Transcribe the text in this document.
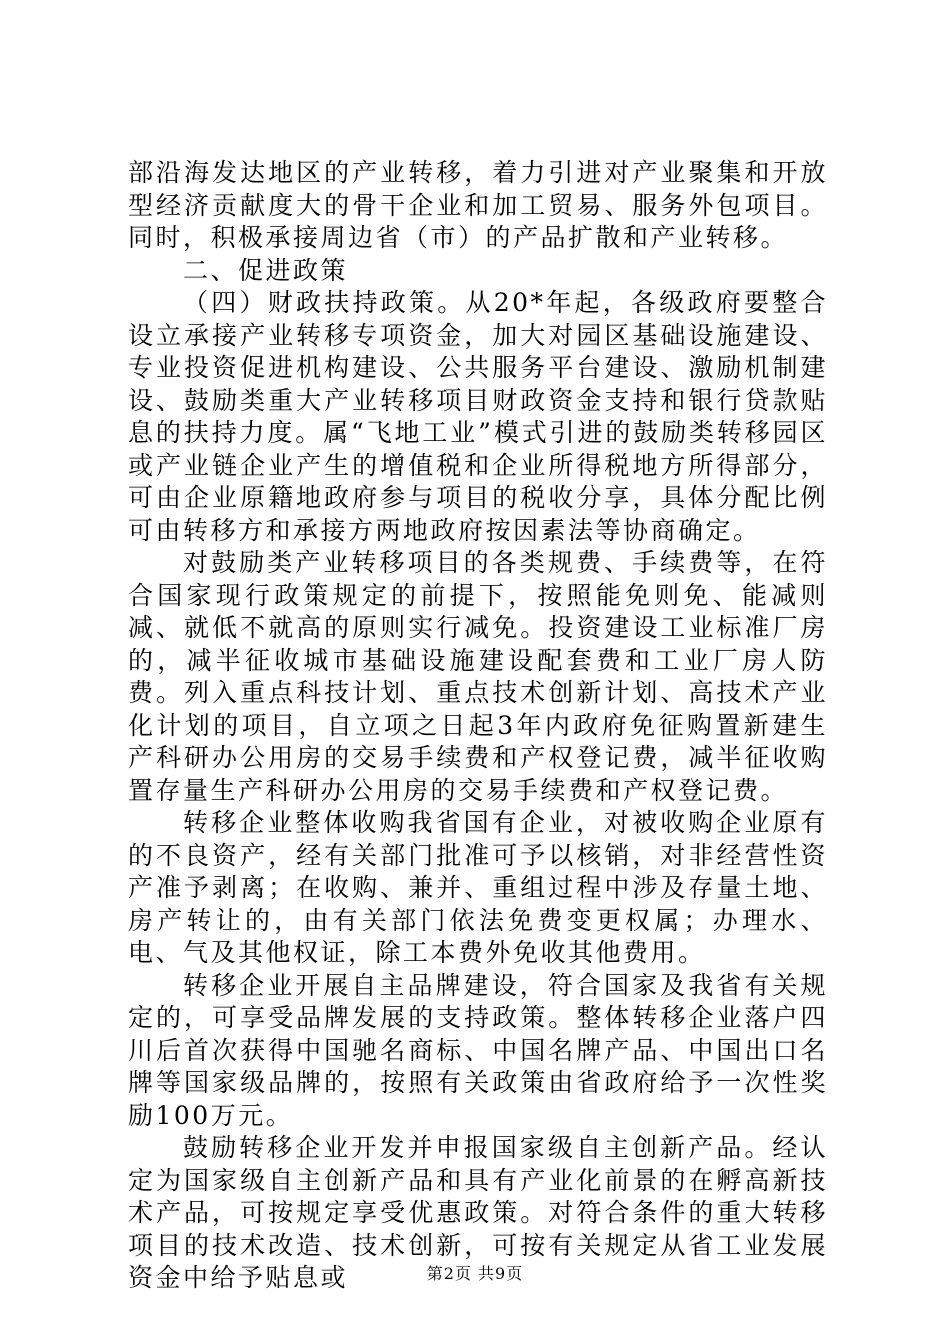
部沿海发达地区的产业转移，着力引进对产业聚集和开放型经济贡献度大的骨干企业和加工贸易、服务外包项目。同时，积极承接周边省（市）的产品扩散和产业转移。

二、促进政策

（四）财政扶持政策。从20*年起，各级政府要整合设立承接产业转移专项资金，加大对园区基础设施建设、专业投资促进机构建设、公共服务平台建设、激励机制建设、鼓励类重大产业转移项目财政资金支持和银行贷款贴息的扶持力度。属“飞地工业”模式引进的鼓励类转移园区或产业链企业产生的增值税和企业所得税地方所得部分，可由企业原籍地政府参与项目的税收分享，具体分配比例可由转移方和承接方两地政府按因素法等协商确定。

对鼓励类产业转移项目的各类规费、手续费等，在符合国家现行政策规定的前提下，按照能免则免、能减则减、就低不就高的原则实行减免。投资建设工业标准厂房的，减半征收城市基础设施建设配套费和工业厂房人防费。列入重点科技计划、重点技术创新计划、高技术产业化计划的项目，自立项之日起3年内政府免征购置新建生产科研办公用房的交易手续费和产权登记费，减半征收购置存量生产科研办公用房的交易手续费和产权登记费。

转移企业整体收购我省国有企业，对被收购企业原有的不良资产，经有关部门批准可予以核销，对非经营性资产准予剥离；在收购、兼并、重组过程中涉及存量土地、房产转让的，由有关部门依法免费变更权属；办理水、电、气及其他权证，除工本费外免收其他费用。

转移企业开展自主品牌建设，符合国家及我省有关规定的，可享受品牌发展的支持政策。整体转移企业落户四川后首次获得中国驰名商标、中国名牌产品、中国出口名牌等国家级品牌的，按照有关政策由省政府给予一次性奖励100万元。

鼓励转移企业开发并申报国家级自主创新产品。经认定为国家级自主创新产品和具有产业化前景的在孵高新技术产品，可按规定享受优惠政策。对符合条件的重大转移项目的技术改造、技术创新，可按有关规定从省工业发展资金中给予贴息或	第2页 共9页
